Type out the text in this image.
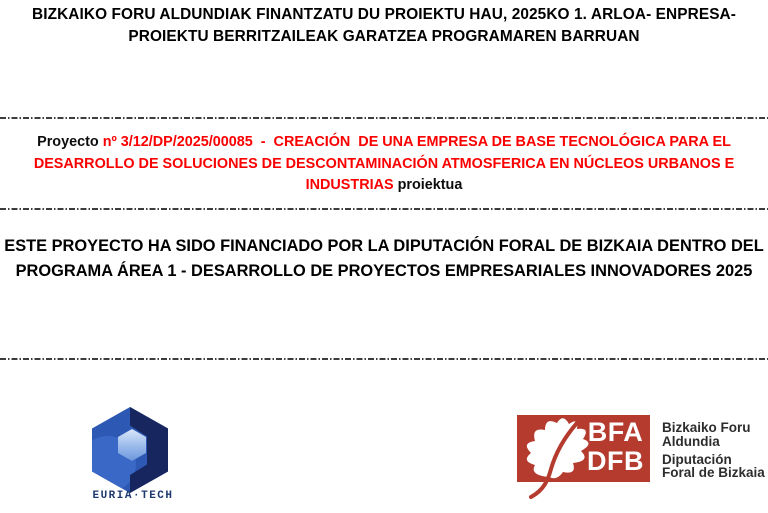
BIZKAIKO FORU ALDUNDIAK FINANTZATU DU PROIEKTU HAU, 2025KO 1. ARLOA- ENPRESA-
PROIEKTU BERRITZAILEAK GARATZEA PROGRAMAREN BARRUAN
Proyecto nº 3/12/DP/2025/00085  -  CREACIÓN  DE UNA EMPRESA DE BASE TECNOLÓGICA PARA EL
DESARROLLO DE SOLUCIONES DE DESCONTAMINACIÓN ATMOSFERICA EN NÚCLEOS URBANOS E
INDUSTRIAS proiektua
ESTE PROYECTO HA SIDO FINANCIADO POR LA DIPUTACIÓN FORAL DE BIZKAIA DENTRO DEL
PROGRAMA ÁREA 1 - DESARROLLO DE PROYECTOS EMPRESARIALES INNOVADORES 2025
EURIA·TECH
BFA
DFB
Bizkaiko Foru
Aldundia
Diputación
Foral de Bizkaia
